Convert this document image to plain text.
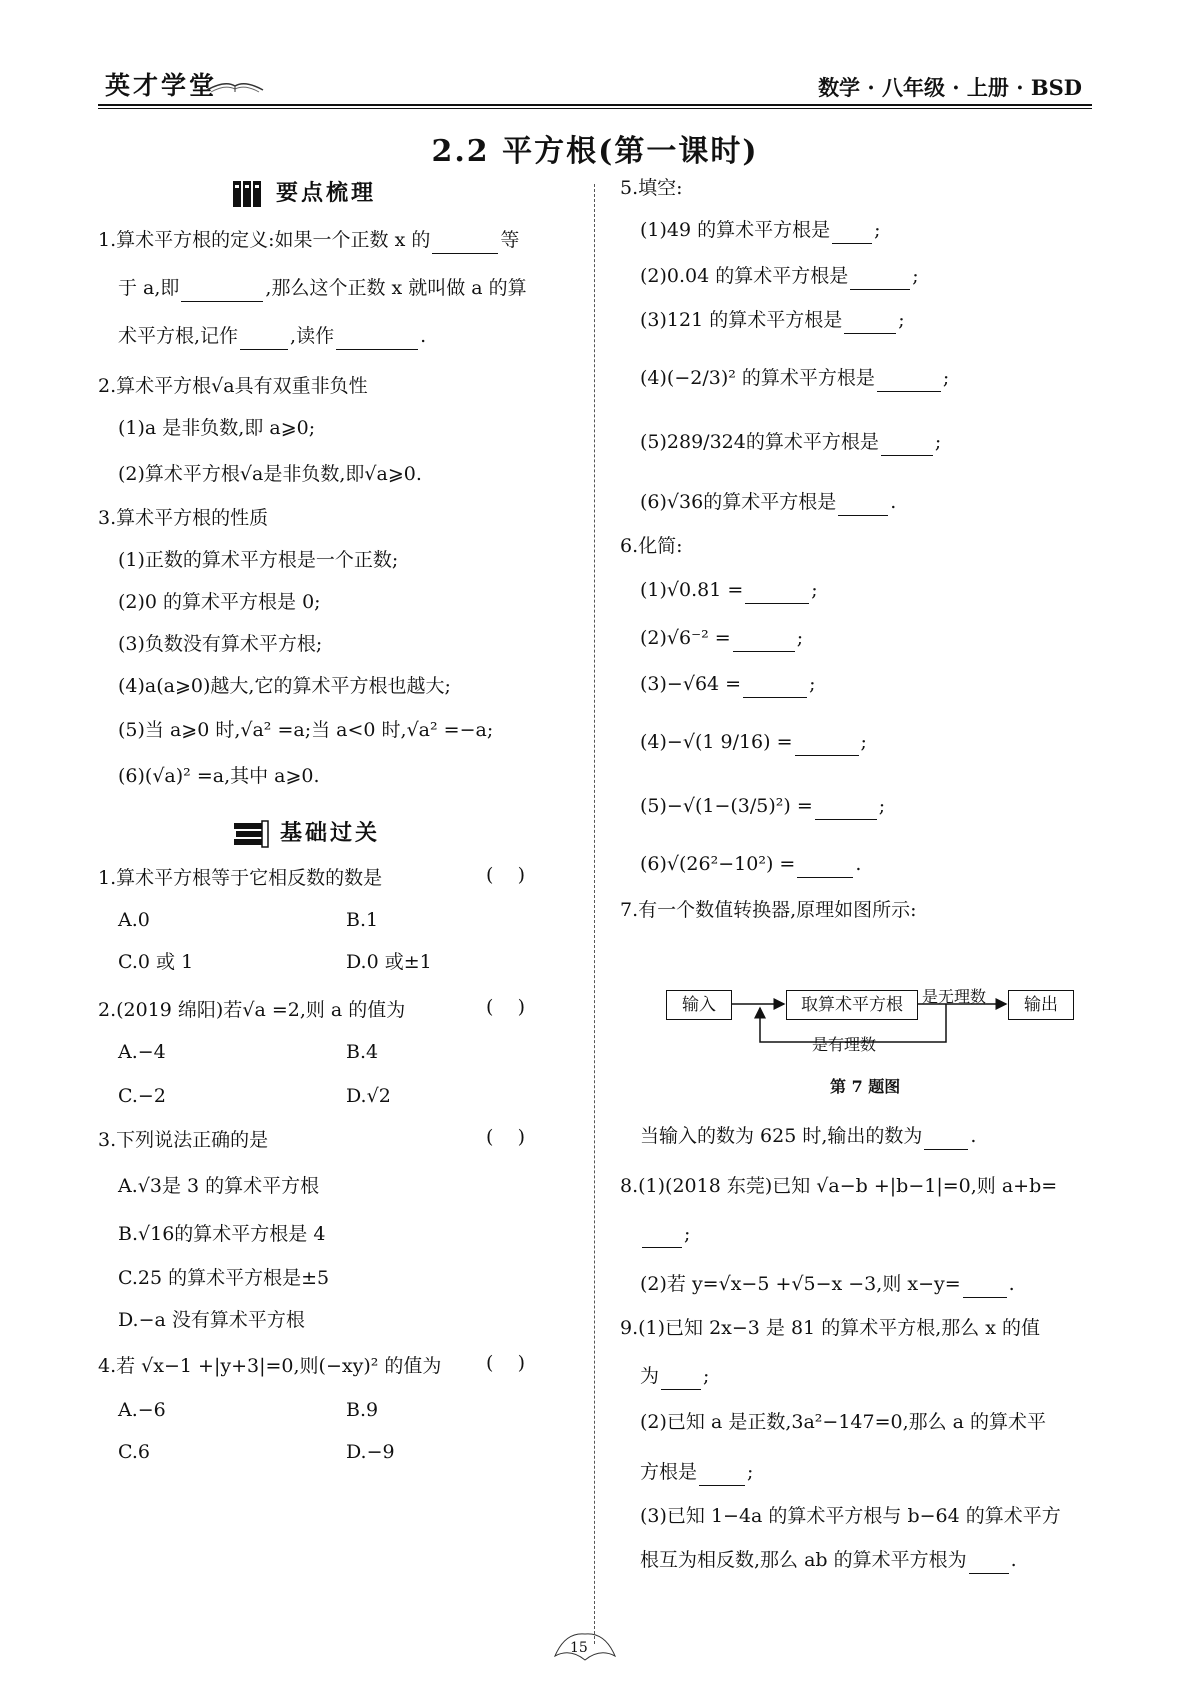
英才学堂	数学 · 八年级 · 上册 · BSD
2.2 平方根(第一课时)
要点梳理
1.算术平方根的定义:如果一个正数 x 的	等
于 a,即	,那么这个正数 x 就叫做 a 的算
术平方根,记作	,读作	.
2.算术平方根√a具有双重非负性
(1)a 是非负数,即 a⩾0;
(2)算术平方根√a是非负数,即√a⩾0.
3.算术平方根的性质
(1)正数的算术平方根是一个正数;
(2)0 的算术平方根是 0;
(3)负数没有算术平方根;
(4)a(a⩾0)越大,它的算术平方根也越大;
(5)当 a⩾0 时,√a² =a;当 a<0 时,√a² =−a;
(6)(√a)² =a,其中 a⩾0.
基础过关
1.算术平方根等于它相反数的数是	(    )
A.0	B.1
C.0 或 1	D.0 或±1
2.(2019 绵阳)若√a =2,则 a 的值为	(    )
A.−4	B.4
C.−2	D.√2
3.下列说法正确的是	(    )
A.√3是 3 的算术平方根
B.√16的算术平方根是 4
C.25 的算术平方根是±5
D.−a 没有算术平方根
4.若 √x−1 +|y+3|=0,则(−xy)² 的值为 (    )
A.−6	B.9
C.6	D.−9
5.填空:
(1)49 的算术平方根是 ;
(2)0.04 的算术平方根是	;
(3)121 的算术平方根是	;
(4)(−2/3)² 的算术平方根是	;
(5)289/324的算术平方根是	;
(6)√36的算术平方根是	.
6.化简:
(1)√0.81 =	;
(2)√6⁻² =	;
(3)−√64 =	;
(4)−√(1 9/16) =	;
(5)−√(1−(3/5)²) =	;
(6)√(26²−10²) =	.
7.有一个数值转换器,原理如图所示:
输入	取算术平方根	输出
是无理数
是有理数
第 7 题图
当输入的数为 625 时,输出的数为	.
8.(1)(2018 东莞)已知 √a−b +|b−1|=0,则 a+b=
;
(2)若 y=√x−5 +√5−x −3,则 x−y=	.
9.(1)已知 2x−3 是 81 的算术平方根,那么 x 的值
为 ;
(2)已知 a 是正数,3a²−147=0,那么 a 的算术平
方根是	;
(3)已知 1−4a 的算术平方根与 b−64 的算术平方
根互为相反数,那么 ab 的算术平方根为 .
15
